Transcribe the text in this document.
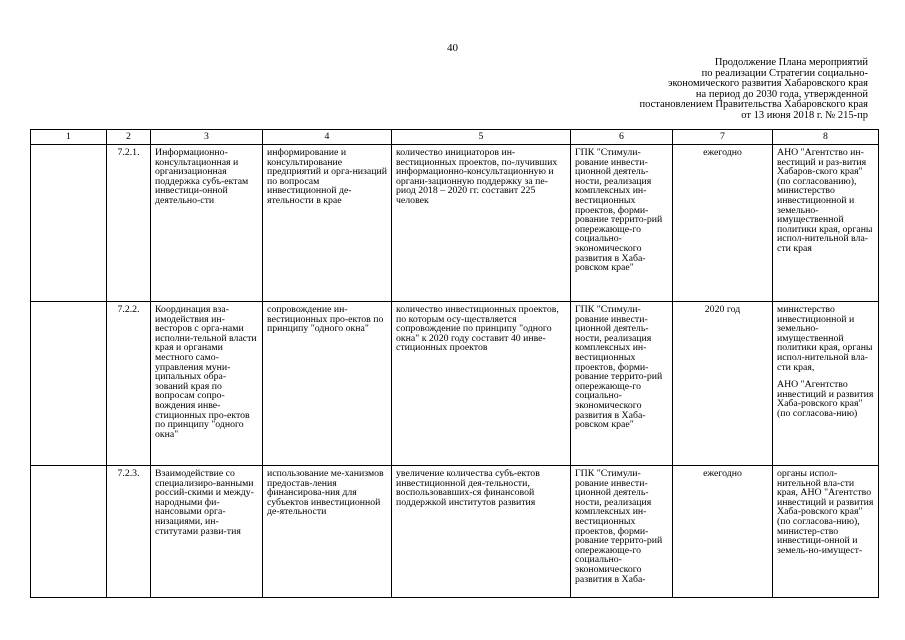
40
Продолжение Плана мероприятий
по реализации Стратегии социально-
экономического развития Хабаровского края
на период до 2030 года, утвержденной
постановлением Правительства Хабаровского края
от 13 июня 2018 г. № 215-пр
1	2	3	4	5	6	7	8
	7.2.1.	Информационно-консультационная и организационная поддержка субъ-ектам инвестици-онной деятельно-сти	информирование и консультирование предприятий и орга-низаций по вопросам инвестиционной де-ятельности в крае	количество инициаторов ин-вестиционных проектов, по-лучивших информационно-консультационную и органи-зационную поддержку за пе-риод 2018 – 2020 гг. составит 225 человек	ГПК "Стимули-рование инвести-ционной деятель-ности, реализация комплексных ин-вестиционных проектов, форми-рование террито-рий опережающе-го социально-экономического развития в Хаба-ровском крае"	ежегодно	АНО "Агентство ин-вестиций и раз-вития Хабаров-ского края" (по согласованию), министерство инвестиционной и земельно-имущественной политики края, органы испол-нительной вла-сти края

	7.2.2.	Координация вза-имодействия ин-весторов с орга-нами исполни-тельной власти края и органами местного само-управления муни-ципальных обра-зований края по вопросам сопро-вождения инве-стиционных про-ектов по принципу "одного окна"	сопровождение ин-вестиционных про-ектов по принципу "одного окна"	количество инвестиционных проектов, по которым осу-ществляется сопровождение по принципу "одного окна" к 2020 году составит 40 инве-стиционных проектов	ГПК "Стимули-рование инвести-ционной деятель-ности, реализация комплексных ин-вестиционных проектов, форми-рование террито-рий опережающе-го социально-экономического развития в Хаба-ровском крае"	2020 год	министерство инвестиционной и земельно-имущественной политики края, органы испол-нительной вла-сти края,
АНО "Агентство инвестиций и развития Хаба-ровского края" (по согласова-нию)

	7.2.3.	Взаимодействие со специализиро-ванными россий-скими и между-народными фи-нансовыми орга-низациями, ин-ститутами разви-тия	использование ме-ханизмов предостав-ления финансирова-ния для субъектов инвестиционной де-ятельности	увеличение количества субъ-ектов инвестиционной дея-тельности, воспользовавших-ся финансовой поддержкой институтов развития	ГПК "Стимули-рование инвести-ционной деятель-ности, реализация комплексных ин-вестиционных проектов, форми-рование террито-рий опережающе-го социально-экономического развития в Хаба-	ежегодно	органы испол-нительной вла-сти края, АНО "Агентство инвестиций и развития Хаба-ровского края" (по согласова-нию), министер-ство инвестици-онной и земель-но-имущест-
